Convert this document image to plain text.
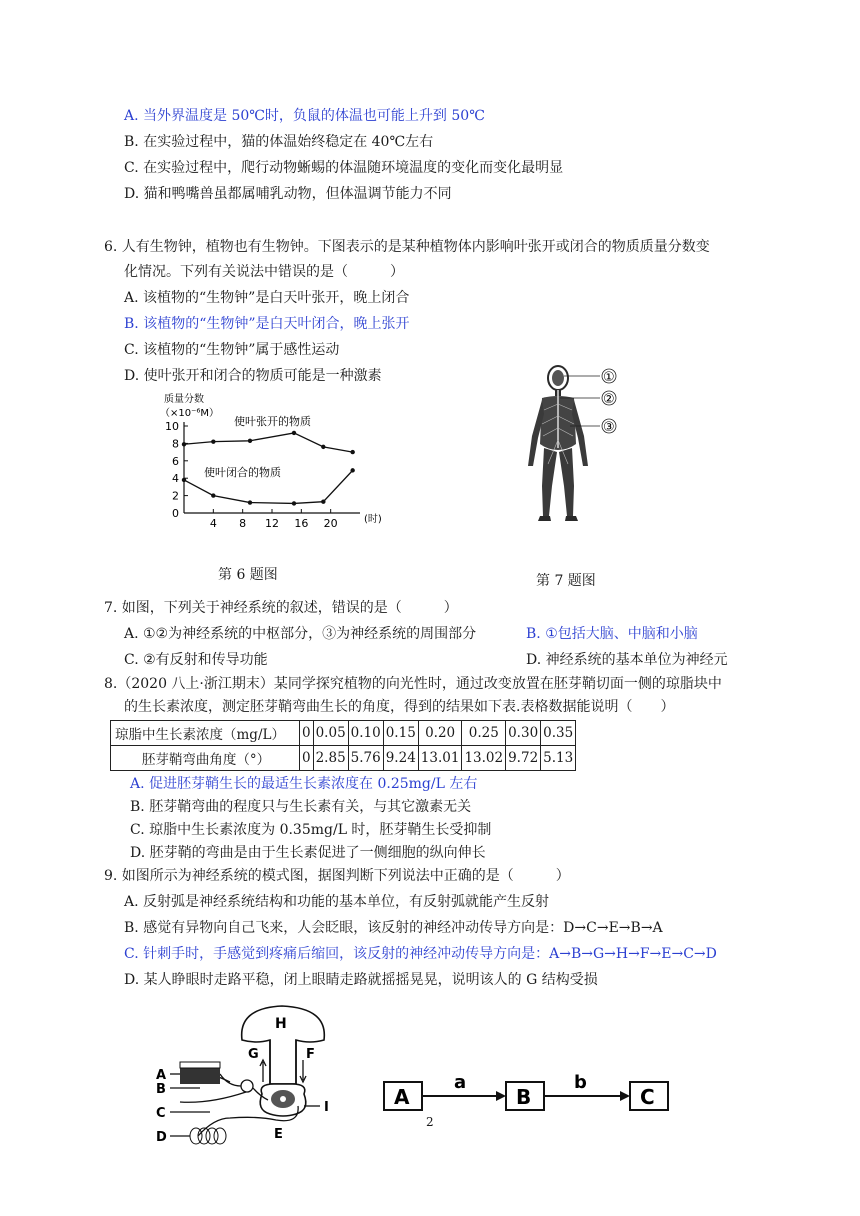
A. 当外界温度是 50℃时，负鼠的体温也可能上升到 50℃
B. 在实验过程中，猫的体温始终稳定在 40℃左右
C. 在实验过程中，爬行动物蜥蜴的体温随环境温度的变化而变化最明显
D. 猫和鸭嘴兽虽都属哺乳动物，但体温调节能力不同
6. 人有生物钟，植物也有生物钟。下图表示的是某种植物体内影响叶张开或闭合的物质质量分数变
化情况。下列有关说法中错误的是（　　　）
A. 该植物的“生物钟”是白天叶张开，晚上闭合
B. 该植物的“生物钟”是白天叶闭合，晚上张开
C. 该植物的“生物钟”属于感性运动
D. 使叶张开和闭合的物质可能是一种激素
质量分数
（×10⁻⁶M）
(时)
0
2
4
6
8
10
4 8 12 16 20
使叶张开的物质
使叶闭合的物质
第 6 题图
①
②
③
第 7 题图
7. 如图，下列关于神经系统的叙述，错误的是（　　　）
A. ①②为神经系统的中枢部分，③为神经系统的周围部分	B. ①包括大脑、中脑和小脑
C. ②有反射和传导功能	D. 神经系统的基本单位为神经元
8.（2020 八上·浙江期末）某同学探究植物的向光性时，通过改变放置在胚芽鞘切面一侧的琼脂块中
的生长素浓度，测定胚芽鞘弯曲生长的角度，得到的结果如下表.表格数据能说明（　　）
琼脂中生长素浓度（mg/L）	0	0.05	0.10	0.15	0.20	0.25	0.30	0.35
胚芽鞘弯曲角度（°）	0	2.85	5.76	9.24	13.01	13.02	9.72	5.13
A. 促进胚芽鞘生长的最适生长素浓度在 0.25mg/L 左右
B. 胚芽鞘弯曲的程度只与生长素有关，与其它激素无关
C. 琼脂中生长素浓度为 0.35mg/L 时，胚芽鞘生长受抑制
D. 胚芽鞘的弯曲是由于生长素促进了一侧细胞的纵向伸长
9. 如图所示为神经系统的模式图，据图判断下列说法中正确的是（　　　）
A. 反射弧是神经系统结构和功能的基本单位，有反射弧就能产生反射
B. 感觉有异物向自己飞来，人会眨眼，该反射的神经冲动传导方向是：D→C→E→B→A
C. 针刺手时，手感觉到疼痛后缩回，该反射的神经冲动传导方向是：A→B→G→H→F→E→C→D
D. 某人睁眼时走路平稳，闭上眼睛走路就摇摇晃晃，说明该人的 G 结构受损
H
G	F
A
B
C
D	E
I	A	B	C
a	b
2
